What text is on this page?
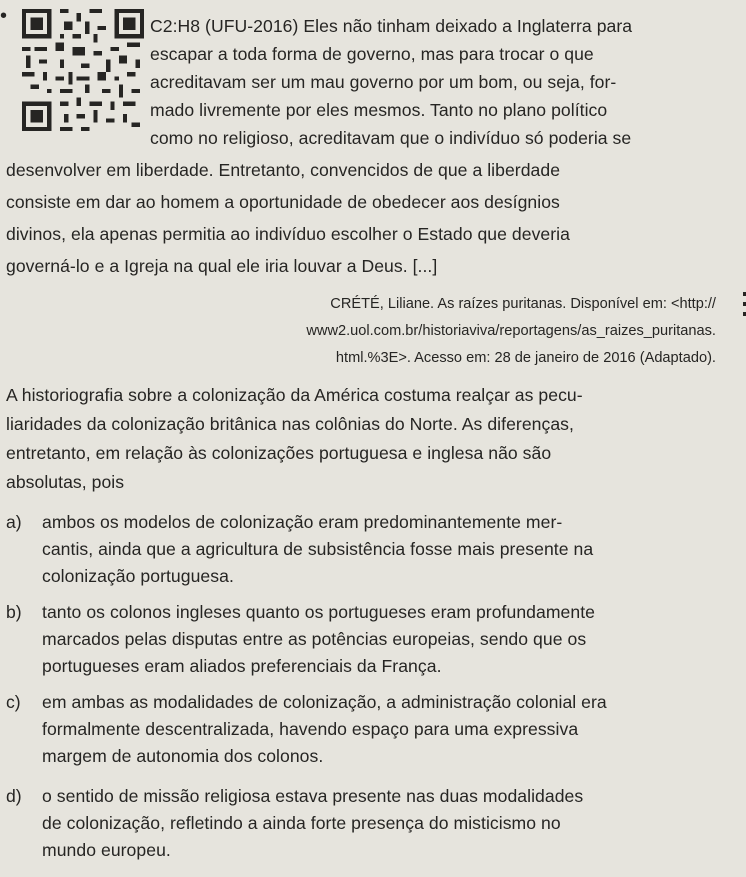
•	C2:H8 (UFU-2016) Eles não tinham deixado a Inglaterra para
escapar a toda forma de governo, mas para trocar o que
acreditavam ser um mau governo por um bom, ou seja, for-
mado livremente por eles mesmos. Tanto no plano político
como no religioso, acreditavam que o indivíduo só poderia se
desenvolver em liberdade. Entretanto, convencidos de que a liberdade
consiste em dar ao homem a oportunidade de obedecer aos desígnios
divinos, ela apenas permitia ao indivíduo escolher o Estado que deveria
governá-lo e a Igreja na qual ele iria louvar a Deus. [...]
CRÉTÉ, Liliane. As raízes puritanas. Disponível em: <http://
www2.uol.com.br/historiaviva/reportagens/as_raizes_puritanas.
html.%3E>. Acesso em: 28 de janeiro de 2016 (Adaptado).
A historiografia sobre a colonização da América costuma realçar as pecu-
liaridades da colonização britânica nas colônias do Norte. As diferenças,
entretanto, em relação às colonizações portuguesa e inglesa não são
absolutas, pois
a) ambos os modelos de colonização eram predominantemente mer-
cantis, ainda que a agricultura de subsistência fosse mais presente na
colonização portuguesa.
b) tanto os colonos ingleses quanto os portugueses eram profundamente
marcados pelas disputas entre as potências europeias, sendo que os
portugueses eram aliados preferenciais da França.
c) em ambas as modalidades de colonização, a administração colonial era
formalmente descentralizada, havendo espaço para uma expressiva
margem de autonomia dos colonos.
d) o sentido de missão religiosa estava presente nas duas modalidades
de colonização, refletindo a ainda forte presença do misticismo no
mundo europeu.
